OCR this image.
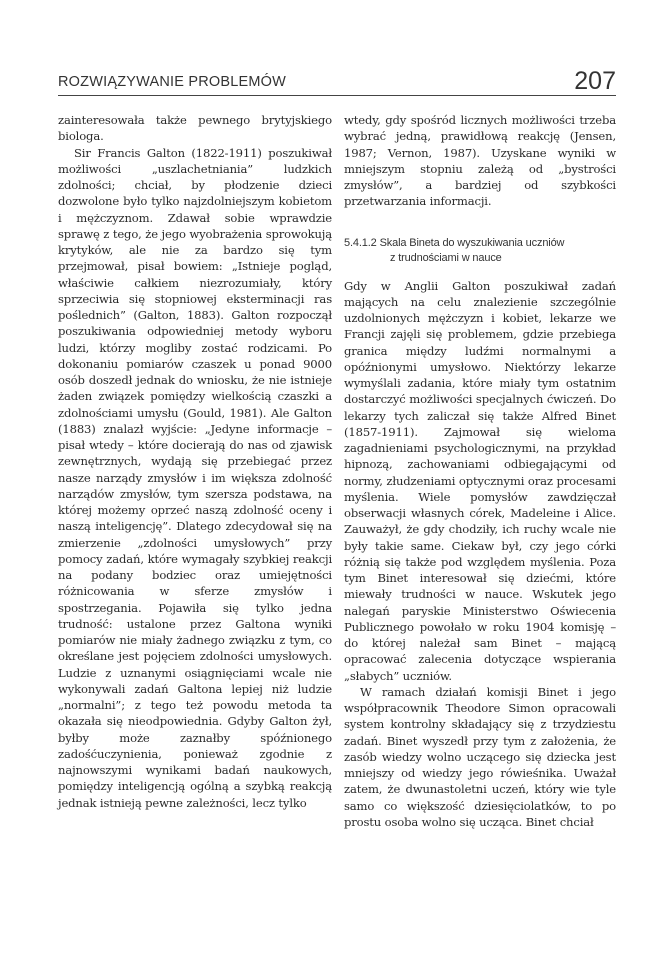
ROZWIĄZYWANIE PROBLEMÓW	207

zainteresowała także pewnego brytyjskiego biologa.

Sir Francis Galton (1822-1911) poszukiwał możliwości „uszlachetniania” ludzkich zdolności; chciał, by płodzenie dzieci dozwolone było tylko najzdolniejszym kobietom i mężczyznom. Zdawał sobie wprawdzie sprawę z tego, że jego wyobrażenia sprowokują krytyków, ale nie za bardzo się tym przejmował, pisał bowiem: „Istnieje pogląd, właściwie całkiem niezrozumiały, który sprzeciwia się stopniowej eksterminacji ras poślednich” (Galton, 1883). Galton rozpoczął poszukiwania odpowiedniej metody wyboru ludzi, którzy mogliby zostać rodzicami. Po dokonaniu pomiarów czaszek u ponad 9000 osób doszedł jednak do wniosku, że nie istnieje żaden związek pomiędzy wielkością czaszki a zdolnościami umysłu (Gould, 1981). Ale Galton (1883) znalazł wyjście: „Jedyne informacje – pisał wtedy – które docierają do nas od zjawisk zewnętrznych, wydają się przebiegać przez nasze narządy zmysłów i im większa zdolność narządów zmysłów, tym szersza podstawa, na której możemy oprzeć naszą zdolność oceny i naszą inteligencję”. Dlatego zdecydował się na zmierzenie „zdolności umysłowych” przy pomocy zadań, które wymagały szybkiej reakcji na podany bodziec oraz umiejętności różnicowania w sferze zmysłów i spostrzegania. Pojawiła się tylko jedna trudność: ustalone przez Galtona wyniki pomiarów nie miały żadnego związku z tym, co określane jest pojęciem zdolności umysłowych. Ludzie z uznanymi osiągnięciami wcale nie wykonywali zadań Galtona lepiej niż ludzie „normalni”; z tego też powodu metoda ta okazała się nieodpowiednia. Gdyby Galton żył, byłby może zaznałby spóźnionego zadośćuczynienia, ponieważ zgodnie z najnowszymi wynikami badań naukowych, pomiędzy inteligencją ogólną a szybką reakcją jednak istnieją pewne zależności, lecz tylko

wtedy, gdy spośród licznych możliwości trzeba wybrać jedną, prawidłową reakcję (Jensen, 1987; Vernon, 1987). Uzyskane wyniki w mniejszym stopniu zależą od „bystrości zmysłów”, a bardziej od szybkości przetwarzania informacji.

5.4.1.2 Skala Bineta do wyszukiwania uczniów
z trudnościami w nauce

Gdy w Anglii Galton poszukiwał zadań mających na celu znalezienie szczególnie uzdolnionych mężczyzn i kobiet, lekarze we Francji zajęli się problemem, gdzie przebiega granica między ludźmi normalnymi a opóźnionymi umysłowo. Niektórzy lekarze wymyślali zadania, które miały tym ostatnim dostarczyć możliwości specjalnych ćwiczeń. Do lekarzy tych zaliczał się także Alfred Binet (1857-1911). Zajmował się wieloma zagadnieniami psychologicznymi, na przykład hipnozą, zachowaniami odbiegającymi od normy, złudzeniami optycznymi oraz procesami myślenia. Wiele pomysłów zawdzięczał obserwacji własnych córek, Madeleine i Alice. Zauważył, że gdy chodziły, ich ruchy wcale nie były takie same. Ciekaw był, czy jego córki różnią się także pod względem myślenia. Poza tym Binet interesował się dziećmi, które miewały trudności w nauce. Wskutek jego nalegań paryskie Ministerstwo Oświecenia Publicznego powołało w roku 1904 komisję – do której należał sam Binet – mającą opracować zalecenia dotyczące wspierania „słabych” uczniów.

W ramach działań komisji Binet i jego współpracownik Theodore Simon opracowali system kontrolny składający się z trzydziestu zadań. Binet wyszedł przy tym z założenia, że zasób wiedzy wolno uczącego się dziecka jest mniejszy od wiedzy jego rówieśnika. Uważał zatem, że dwunastoletni uczeń, który wie tyle samo co większość dziesięciolatków, to po prostu osoba wolno się ucząca. Binet chciał
